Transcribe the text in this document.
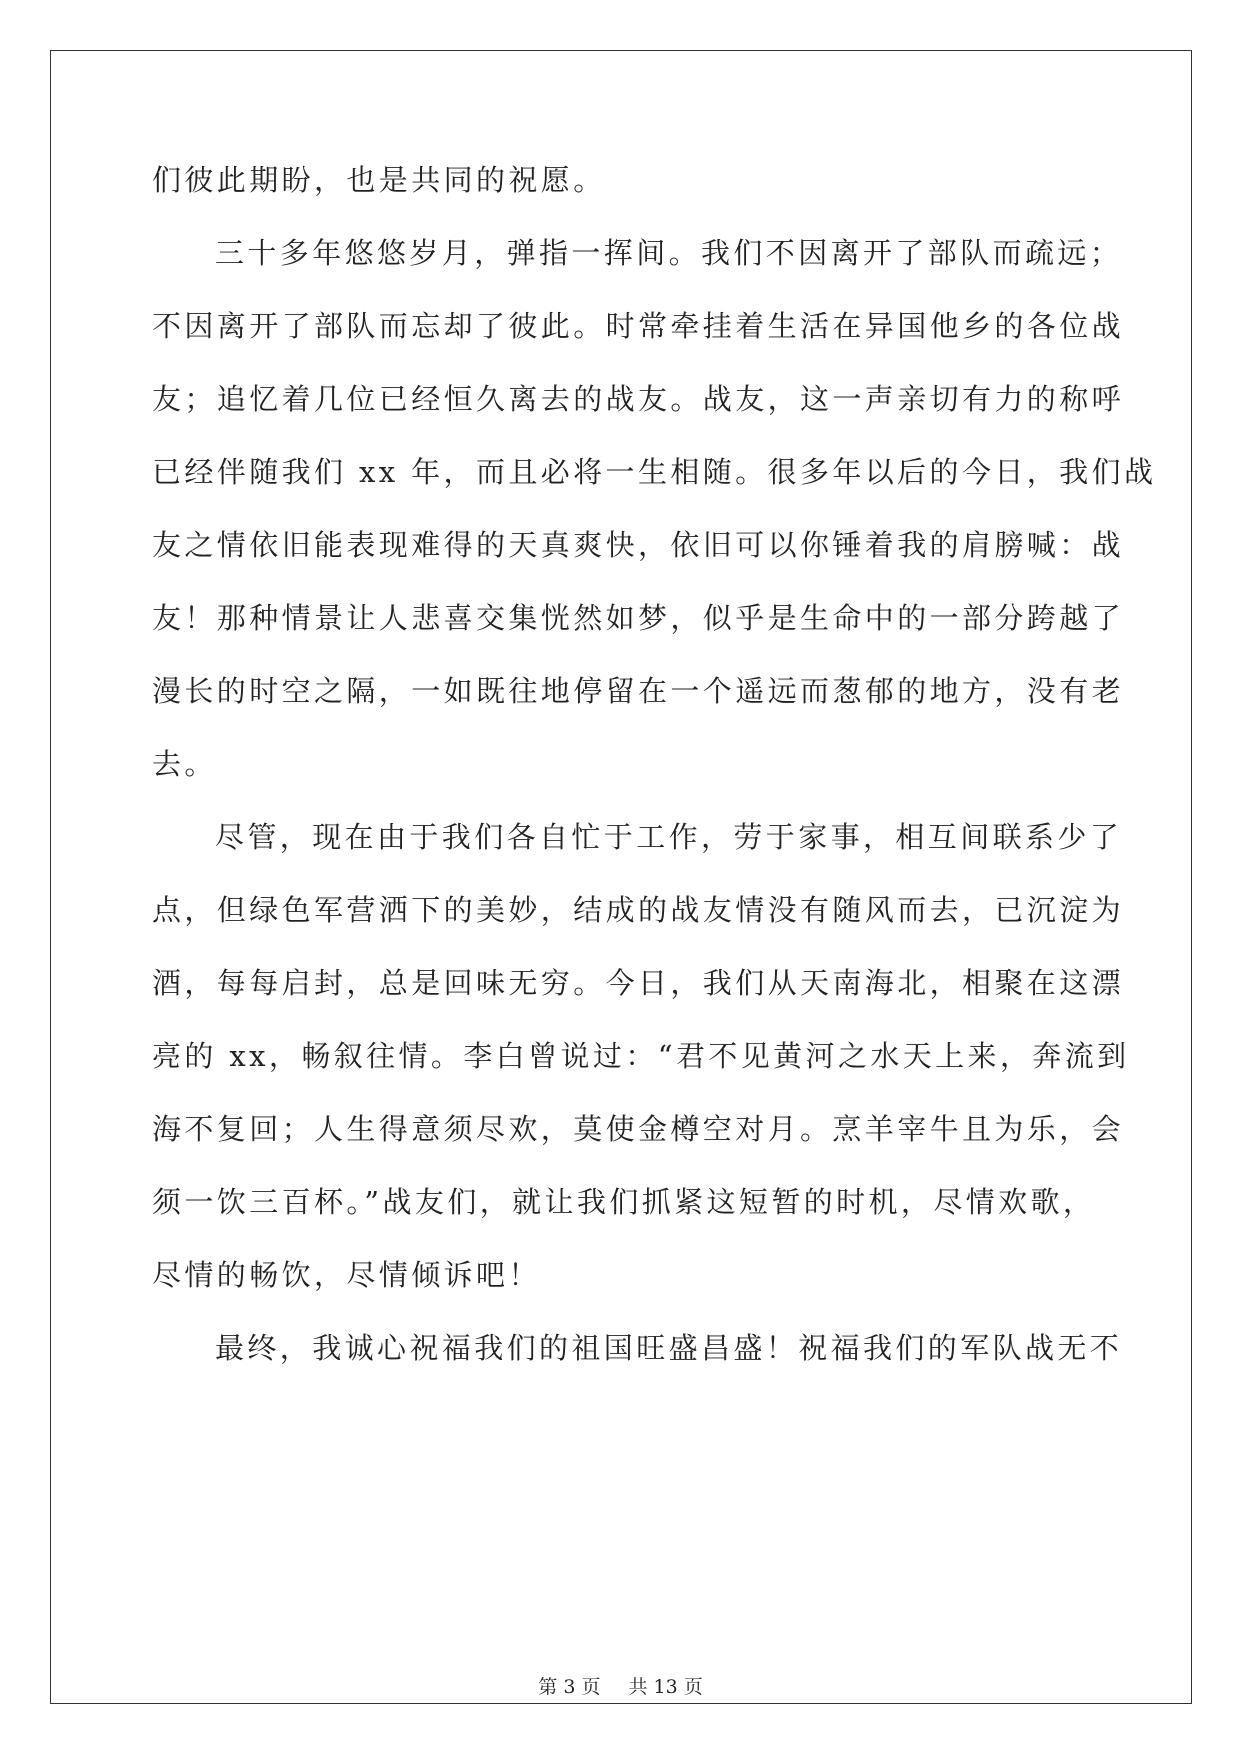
们彼此期盼，也是共同的祝愿。
三十多年悠悠岁月，弹指一挥间。我们不因离开了部队而疏远；
不因离开了部队而忘却了彼此。时常牵挂着生活在异国他乡的各位战
友；追忆着几位已经恒久离去的战友。战友，这一声亲切有力的称呼
已经伴随我们 xx 年，而且必将一生相随。很多年以后的今日，我们战
友之情依旧能表现难得的天真爽快，依旧可以你锤着我的肩膀喊：战
友！那种情景让人悲喜交集恍然如梦，似乎是生命中的一部分跨越了
漫长的时空之隔，一如既往地停留在一个遥远而葱郁的地方，没有老
去。
尽管，现在由于我们各自忙于工作，劳于家事，相互间联系少了
点，但绿色军营洒下的美妙，结成的战友情没有随风而去，已沉淀为
酒，每每启封，总是回味无穷。今日，我们从天南海北，相聚在这漂
亮的 xx，畅叙往情。李白曾说过：“君不见黄河之水天上来，奔流到
海不复回；人生得意须尽欢，莫使金樽空对月。烹羊宰牛且为乐，会
须一饮三百杯。”战友们，就让我们抓紧这短暂的时机，尽情欢歌，
尽情的畅饮，尽情倾诉吧！
最终，我诚心祝福我们的祖国旺盛昌盛！祝福我们的军队战无不
第 3 页 共 13 页
